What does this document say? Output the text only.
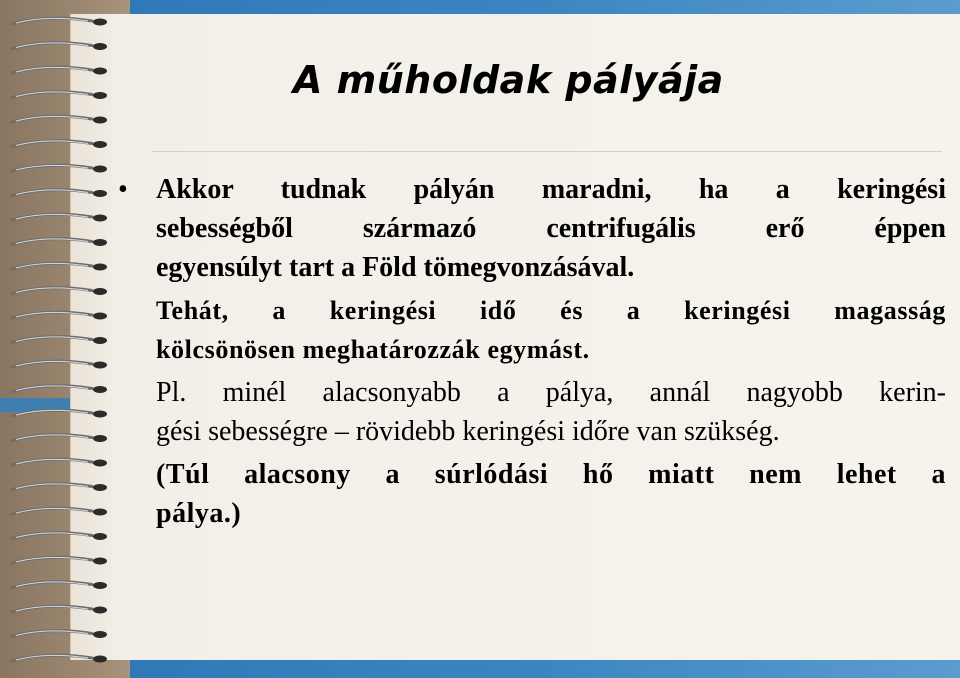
A műholdak pályája
•	Akkor tudnak pályán maradni, ha a keringési
sebességből származó centrifugális erő éppen
egyensúlyt tart a Föld tömegvonzásával.

Tehát, a keringési idő és a keringési magasság
kölcsönösen meghatározzák egymást.

Pl. minél alacsonyabb a pálya, annál nagyobb kerin-
gési sebességre – rövidebb keringési időre van szükség.

(Túl alacsony a súrlódási hő miatt nem lehet a
pálya.)
